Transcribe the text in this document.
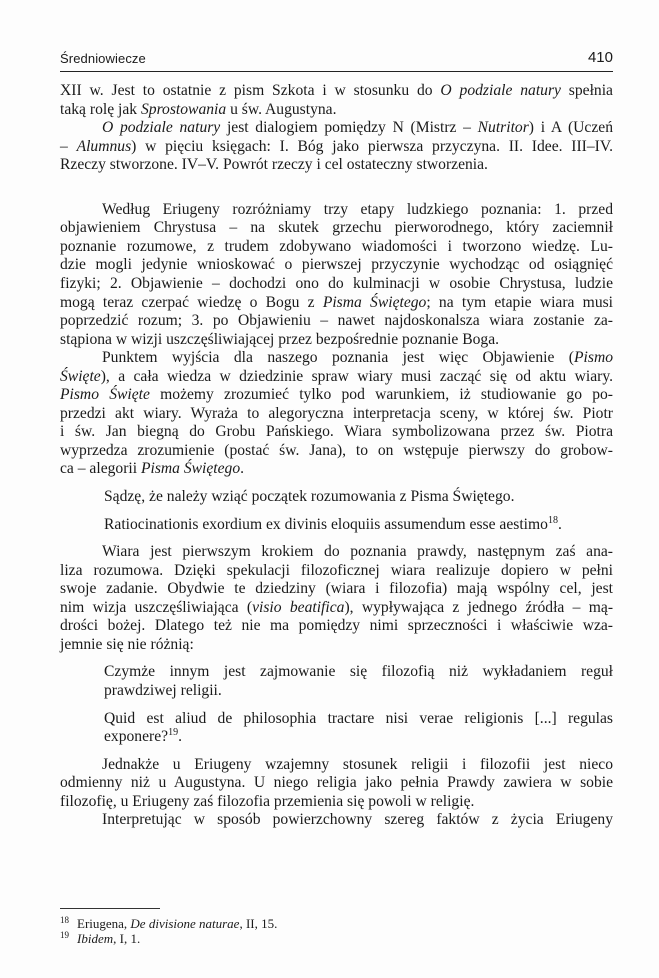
Średniowiecze	410
XII w. Jest to ostatnie z pism Szkota i w stosunku do O podziale natury spełnia
taką rolę jak Sprostowania u św. Augustyna.
O podziale natury jest dialogiem pomiędzy N (Mistrz – Nutritor) i A (Uczeń
– Alumnus) w pięciu księgach: I. Bóg jako pierwsza przyczyna. II. Idee. III–IV.
Rzeczy stworzone. IV–V. Powrót rzeczy i cel ostateczny stworzenia.
Według Eriugeny rozróżniamy trzy etapy ludzkiego poznania: 1. przed
objawieniem Chrystusa – na skutek grzechu pierworodnego, który zaciemnił
poznanie rozumowe, z trudem zdobywano wiadomości i tworzono wiedzę. Lu-
dzie mogli jedynie wnioskować o pierwszej przyczynie wychodząc od osiągnięć
fizyki; 2. Objawienie – dochodzi ono do kulminacji w osobie Chrystusa, ludzie
mogą teraz czerpać wiedzę o Bogu z Pisma Świętego; na tym etapie wiara musi
poprzedzić rozum; 3. po Objawieniu – nawet najdoskonalsza wiara zostanie za-
stąpiona w wizji uszczęśliwiającej przez bezpośrednie poznanie Boga.
Punktem wyjścia dla naszego poznania jest więc Objawienie (Pismo
Święte), a cała wiedza w dziedzinie spraw wiary musi zacząć się od aktu wiary.
Pismo Święte możemy zrozumieć tylko pod warunkiem, iż studiowanie go po-
przedzi akt wiary. Wyraża to alegoryczna interpretacja sceny, w której św. Piotr
i św. Jan biegną do Grobu Pańskiego. Wiara symbolizowana przez św. Piotra
wyprzedza zrozumienie (postać św. Jana), to on wstępuje pierwszy do grobow-
ca – alegorii Pisma Świętego.
Sądzę, że należy wziąć początek rozumowania z Pisma Świętego.
Ratiocinationis exordium ex divinis eloquiis assumendum esse aestimo$^{18}$.
Wiara jest pierwszym krokiem do poznania prawdy, następnym zaś ana-
liza rozumowa. Dzięki spekulacji filozoficznej wiara realizuje dopiero w pełni
swoje zadanie. Obydwie te dziedziny (wiara i filozofia) mają wspólny cel, jest
nim wizja uszczęśliwiająca (visio beatifica), wypływająca z jednego źródła – mą-
drości bożej. Dlatego też nie ma pomiędzy nimi sprzeczności i właściwie wza-
jemnie się nie różnią:
Czymże innym jest zajmowanie się filozofią niż wykładaniem reguł
prawdziwej religii.
Quid est aliud de philosophia tractare nisi verae religionis [...] regulas
exponere?$^{19}$.
Jednakże u Eriugeny wzajemny stosunek religii i filozofii jest nieco
odmienny niż u Augustyna. U niego religia jako pełnia Prawdy zawiera w sobie
filozofię, u Eriugeny zaś filozofia przemienia się powoli w religię.
Interpretując w sposób powierzchowny szereg faktów z życia Eriugeny
$^{18}$ Eriugena, De divisione naturae, II, 15.
$^{19}$ Ibidem, I, 1.
